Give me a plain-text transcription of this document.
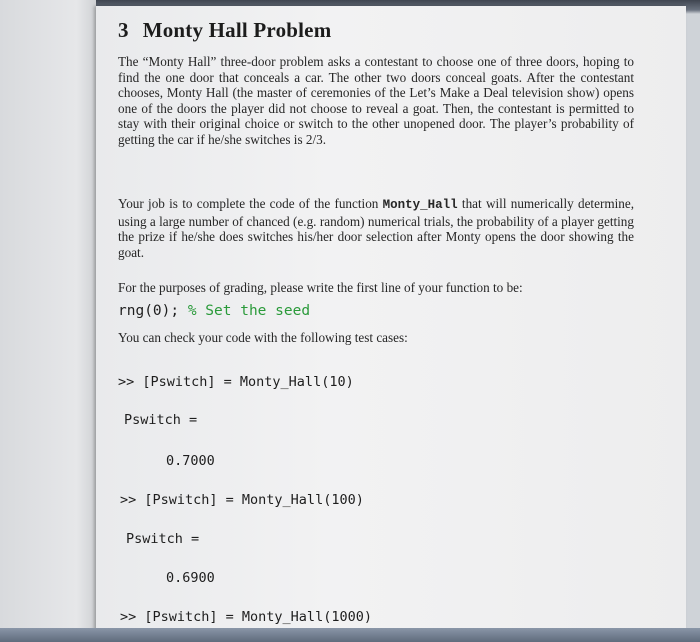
3 Monty Hall Problem
The “Monty Hall” three-door problem asks a contestant to choose one of three doors, hoping to find the one door that conceals a car. The other two doors conceal goats. After the contestant chooses, Monty Hall (the master of ceremonies of the Let’s Make a Deal television show) opens one of the doors the player did not choose to reveal a goat. Then, the contestant is permitted to stay with their original choice or switch to the other unopened door. The player’s probability of getting the car if he/she switches is 2/3.
Your job is to complete the code of the function Monty_Hall that will numerically determine, using a large number of chanced (e.g. random) numerical trials, the probability of a player getting the prize if he/she does switches his/her door selection after Monty opens the door showing the goat.
For the purposes of grading, please write the first line of your function to be:
rng(0); % Set the seed
You can check your code with the following test cases:
>> [Pswitch] = Monty_Hall(10)
Pswitch =
0.7000
>> [Pswitch] = Monty_Hall(100)
Pswitch =
0.6900
>> [Pswitch] = Monty_Hall(1000)
